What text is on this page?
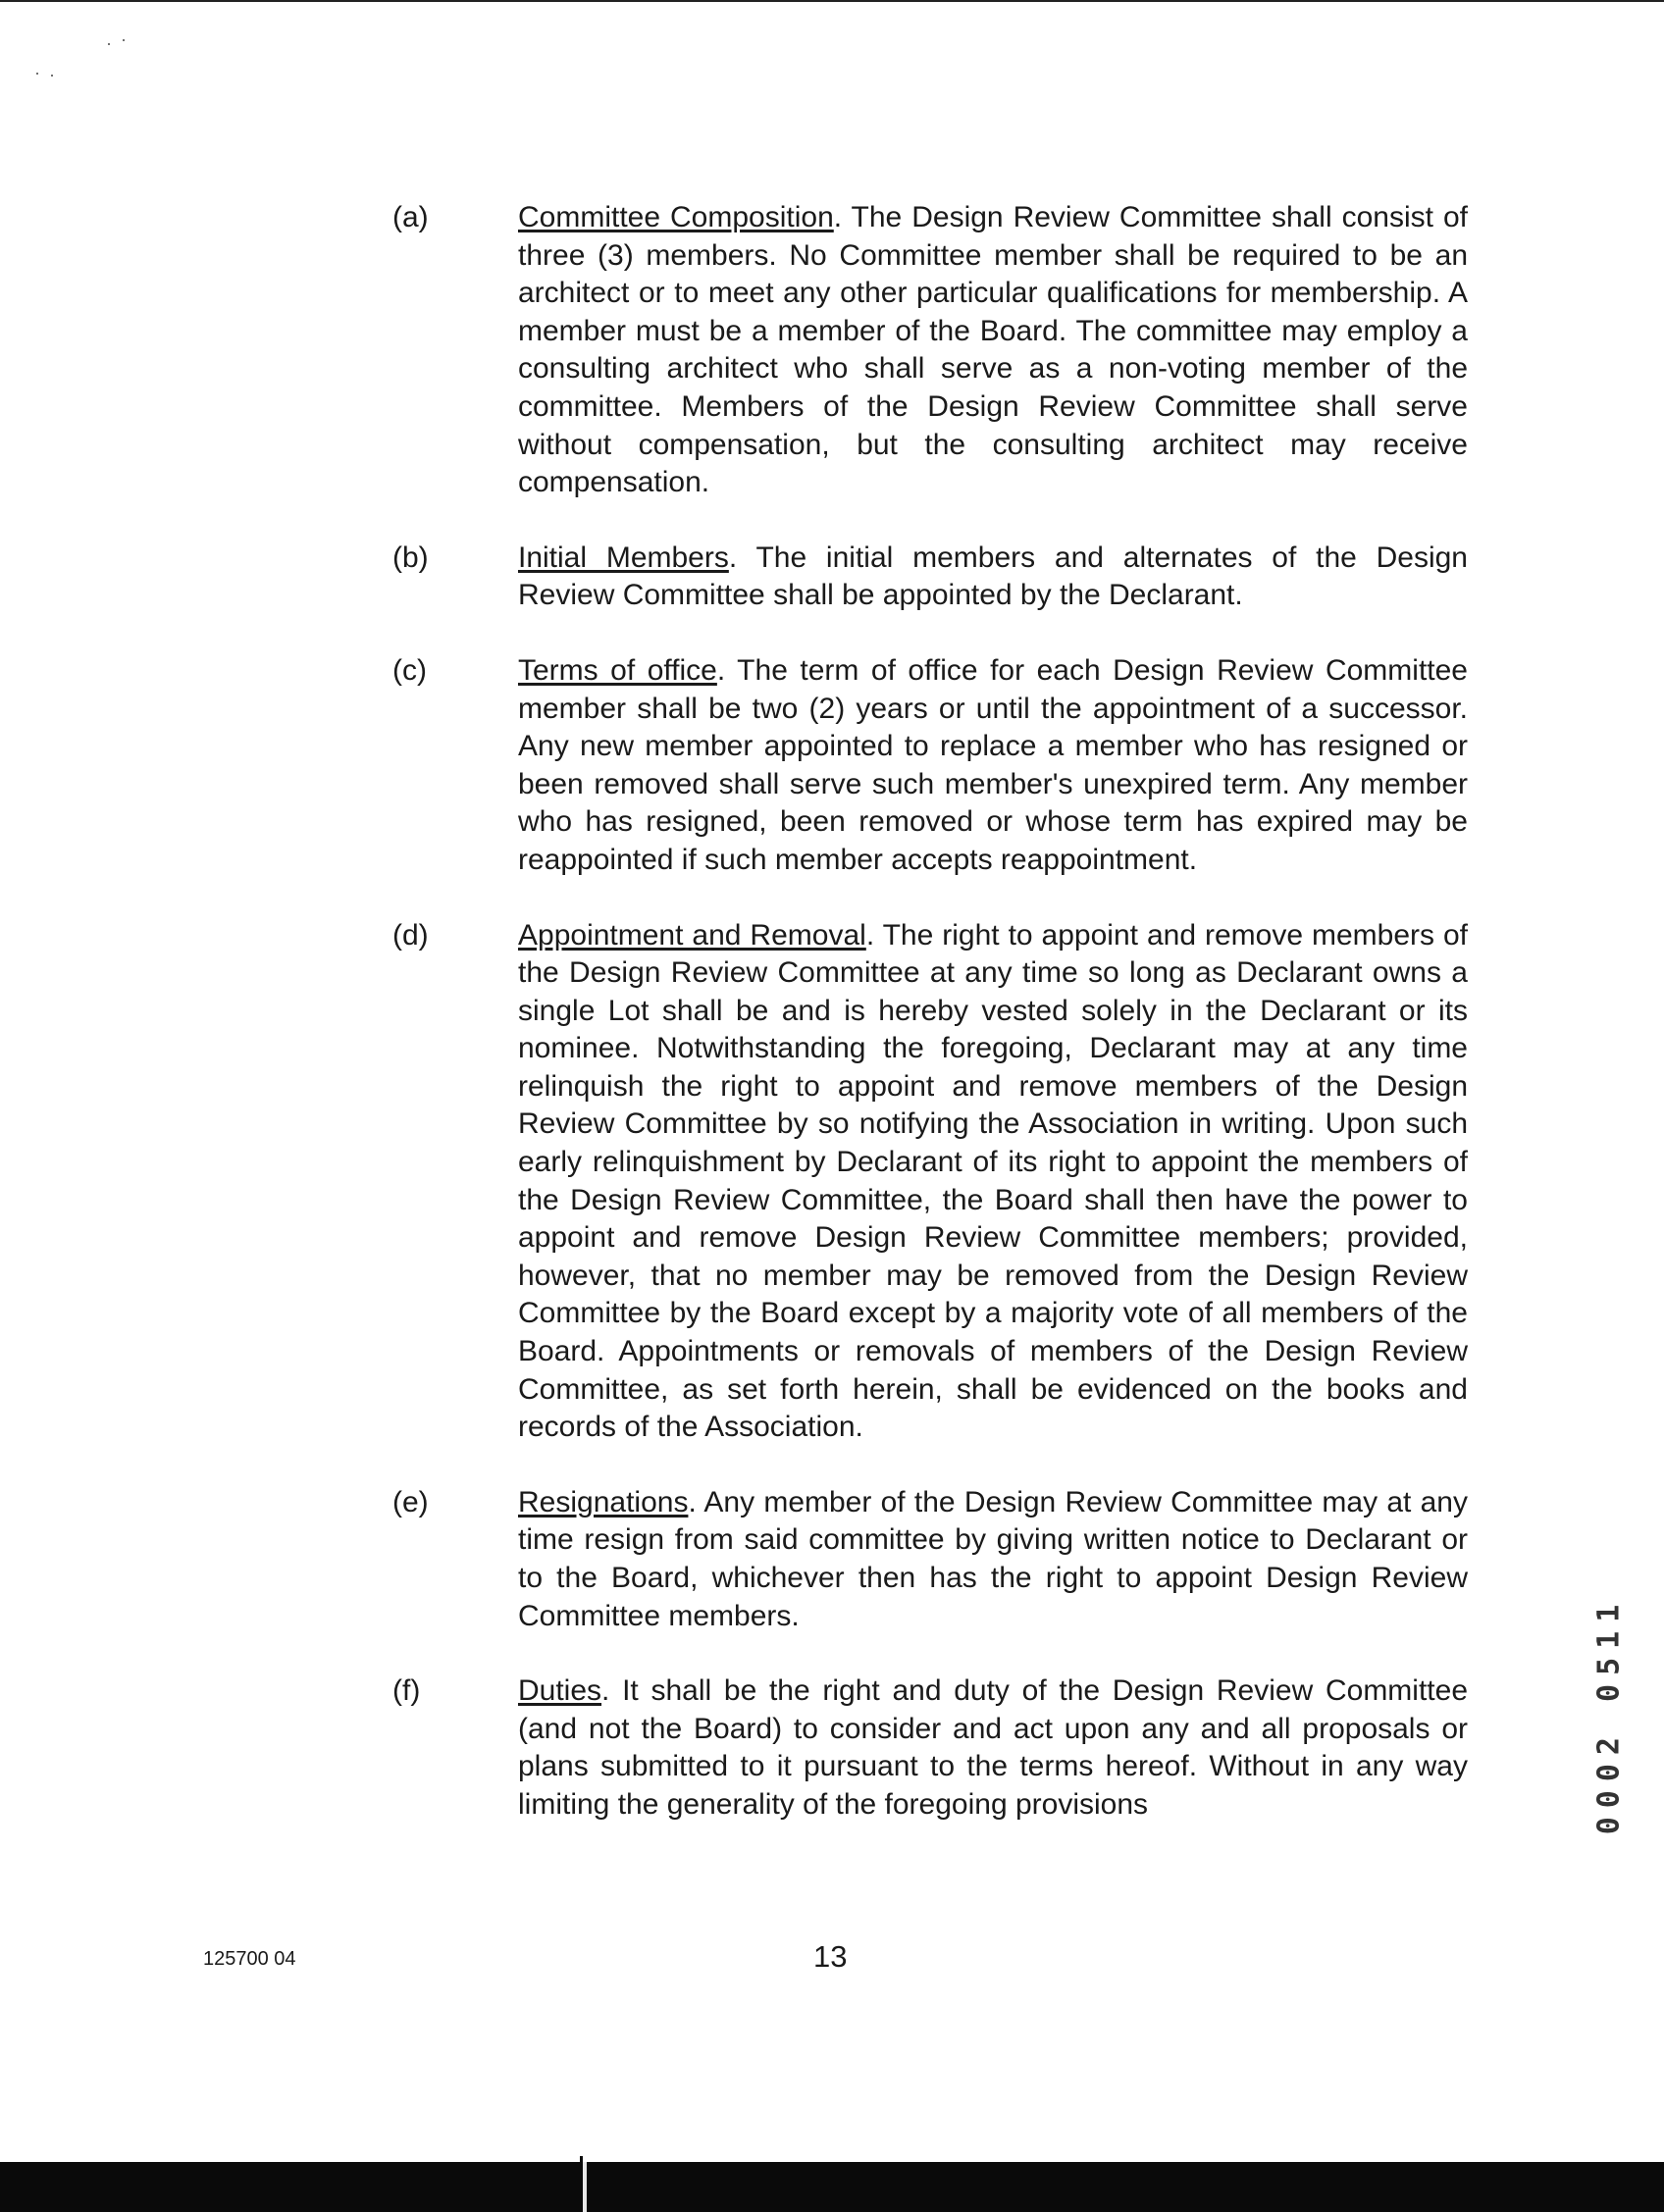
(a)	Committee Composition. The Design Review Committee shall consist of three (3) members. No Committee member shall be required to be an architect or to meet any other particular qualifications for membership. A member must be a member of the Board. The committee may employ a consulting architect who shall serve as a non-voting member of the committee. Members of the Design Review Committee shall serve without compensation, but the consulting architect may receive compensation.
(b)	Initial Members. The initial members and alternates of the Design Review Committee shall be appointed by the Declarant.
(c)	Terms of office. The term of office for each Design Review Committee member shall be two (2) years or until the appointment of a successor. Any new member appointed to replace a member who has resigned or been removed shall serve such member's unexpired term. Any member who has resigned, been removed or whose term has expired may be reappointed if such member accepts reappointment.
(d)	Appointment and Removal. The right to appoint and remove members of the Design Review Committee at any time so long as Declarant owns a single Lot shall be and is hereby vested solely in the Declarant or its nominee. Notwithstanding the foregoing, Declarant may at any time relinquish the right to appoint and remove members of the Design Review Committee by so notifying the Association in writing. Upon such early relinquishment by Declarant of its right to appoint the members of the Design Review Committee, the Board shall then have the power to appoint and remove Design Review Committee members; provided, however, that no member may be removed from the Design Review Committee by the Board except by a majority vote of all members of the Board. Appointments or removals of members of the Design Review Committee, as set forth herein, shall be evidenced on the books and records of the Association.
(e)	Resignations. Any member of the Design Review Committee may at any time resign from said committee by giving written notice to Declarant or to the Board, whichever then has the right to appoint Design Review Committee members.
(f)	Duties. It shall be the right and duty of the Design Review Committee (and not the Board) to consider and act upon any and all proposals or plans submitted to it pursuant to the terms hereof. Without in any way limiting the generality of the foregoing provisions
125700 04	13
0002 0511
